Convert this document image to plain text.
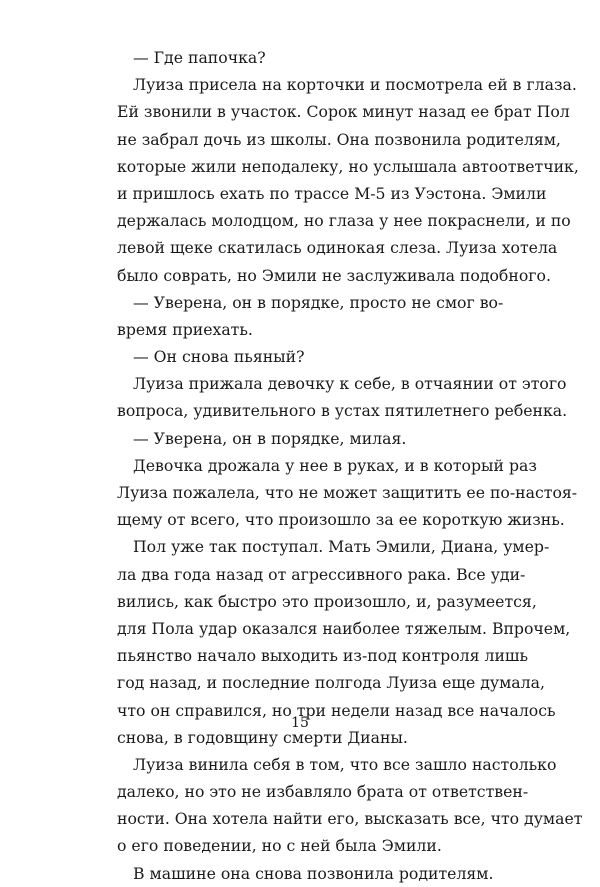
— Где папочка?
Луиза присела на корточки и посмотрела ей в глаза.
Ей звонили в участок. Сорок минут назад ее брат Пол
не забрал дочь из школы. Она позвонила родителям,
которые жили неподалеку, но услышала автоответчик,
и пришлось ехать по трассе М-5 из Уэстона. Эмили
держалась молодцом, но глаза у нее покраснели, и по
левой щеке скатилась одинокая слеза. Луиза хотела
было соврать, но Эмили не заслуживала подобного.
— Уверена, он в порядке, просто не смог во-
время приехать.
— Он снова пьяный?
Луиза прижала девочку к себе, в отчаянии от этого
вопроса, удивительного в устах пятилетнего ребенка.
— Уверена, он в порядке, милая.
Девочка дрожала у нее в руках, и в который раз
Луиза пожалела, что не может защитить ее по-настоя-
щему от всего, что произошло за ее короткую жизнь.
Пол уже так поступал. Мать Эмили, Диана, умер-
ла два года назад от агрессивного рака. Все уди-
вились, как быстро это произошло, и, разумеется,
для Пола удар оказался наиболее тяжелым. Впрочем,
пьянство начало выходить из-под контроля лишь
год назад, и последние полгода Луиза еще думала,
что он справился, но три недели назад все началось
снова, в годовщину смерти Дианы.
Луиза винила себя в том, что все зашло настолько
далеко, но это не избавляло брата от ответствен-
ности. Она хотела найти его, высказать все, что думает
о его поведении, но с ней была Эмили.
В машине она снова позвонила родителям.
15
